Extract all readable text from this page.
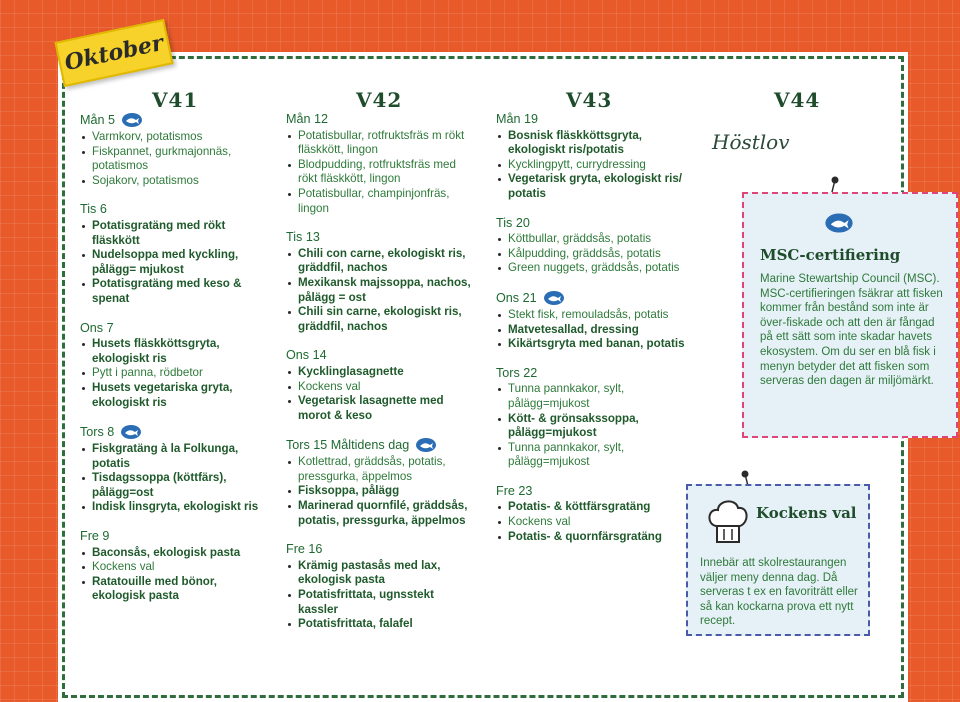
Oktober
V41	V42	V43	V44
Mån 5
Varmkorv, potatismos
Fiskpannet, gurkmajonnäs, potatismos
Sojakorv, potatismos
Tis 6
Potatisgratäng med rökt fläskkött
Nudelsoppa med kyckling, pålägg= mjukost
Potatisgratäng med keso & spenat
Ons 7
Husets fläskköttsgryta, ekologiskt ris
Pytt i panna, rödbetor
Husets vegetariska gryta, ekologiskt ris
Tors 8
Fiskgratäng à la Folkunga, potatis
Tisdagssoppa (köttfärs), pålägg=ost
Indisk linsgryta, ekologiskt ris
Fre 9
Baconsås, ekologisk pasta
Kockens val
Ratatouille med bönor, ekologisk pasta
Mån 12
Potatisbullar, rotfruktsfräs m rökt fläskkött, lingon
Blodpudding, rotfruktsfräs med rökt fläskkött, lingon
Potatisbullar, champinjonfräs, lingon
Tis 13
Chili con carne, ekologiskt ris, gräddfil, nachos
Mexikansk majssoppa, nachos, pålägg = ost
Chili sin carne, ekologiskt ris, gräddfil, nachos
Ons 14
Kycklinglasagnette
Kockens val
Vegetarisk lasagnette med morot & keso
Tors 15 Måltidens dag
Kotlettrad, gräddsås, potatis, pressgurka, äppelmos
Fisksoppa, pålägg
Marinerad quornfilé, gräddsås, potatis, pressgurka, äppelmos
Fre 16
Krämig pastasås med lax, ekologisk pasta
Potatisfrittata, ugnsstekt kassler
Potatisfrittata, falafel
Mån 19
Bosnisk fläskköttsgryta, ekologiskt ris/potatis
Kycklingpytt, currydressing
Vegetarisk gryta, ekologiskt ris/ potatis
Tis 20
Köttbullar, gräddsås, potatis
Kålpudding, gräddsås, potatis
Green nuggets, gräddsås, potatis
Ons 21
Stekt fisk, remouladsås, potatis
Matvetesallad, dressing
Kikärtsgryta med banan, potatis
Tors 22
Tunna pannkakor, sylt, pålägg=mjukost
Kött- & grönsakssoppa, pålägg=mjukost
Tunna pannkakor, sylt, pålägg=mjukost
Fre 23
Potatis- & köttfärsgratäng
Kockens val
Potatis- & quornfärsgratäng
Höstlov
MSC-certifiering
Marine Stewartship Council (MSC). MSC-certifieringen fsäkrar att fisken kommer från bestånd som inte är över-fiskade och att den är fångad på ett sätt som inte skadar havets ekosystem. Om du ser en blå fisk i menyn betyder det att fisken som serveras den dagen är miljömärkt.
Kockens val
Innebär att skolrestaurangen väljer meny denna dag. Då serveras t ex en favoriträtt eller så kan kockarna prova ett nytt recept.
